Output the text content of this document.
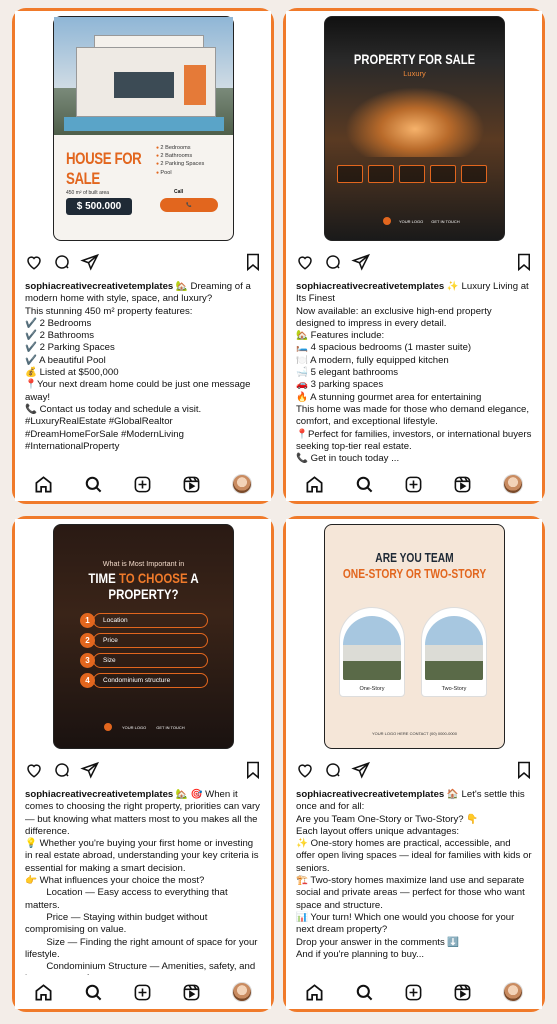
HOUSE FOR SALE
● 2 Bedrooms
● 2 Bathrooms
● 2 Parking Spaces
● Pool
450 m² of built area
$ 500.000
Call
📞

sophiacreativecreativetemplates 🏡 Dreaming of a modern home with style, space, and luxury?

This stunning 450 m² property features:

✔️ 2 Bedrooms

✔️ 2 Bathrooms

✔️ 2 Parking Spaces

✔️ A beautiful Pool

💰 Listed at $500,000

📍Your next dream home could be just one message away!

📞 Contact us today and schedule a visit.

#LuxuryRealEstate #GlobalRealtor #DreamHomeForSale #ModernLiving #InternationalProperty

PROPERTY FOR SALE
Luxury
YOUR LOGO GET IN TOUCH

sophiacreativecreativetemplates ✨ Luxury Living at Its Finest

Now available: an exclusive high-end property designed to impress in every detail.

🏡 Features include:

🛏️ 4 spacious bedrooms (1 master suite)

🍽️ A modern, fully equipped kitchen

🛁 5 elegant bathrooms

🚗 3 parking spaces

🔥 A stunning gourmet area for entertaining

This home was made for those who demand elegance, comfort, and exceptional lifestyle.

📍Perfect for families, investors, or international buyers seeking top-tier real estate.

📞 Get in touch today ...

What is Most Important in
TIME TO CHOOSE A
PROPERTY?
1	Location
2	Price
3	Size
4	Condominium structure
YOUR LOGO	GET IN TOUCH

sophiacreativecreativetemplates 🏡 🎯 When it comes to choosing the right property, priorities can vary — but knowing what matters most to you makes all the difference.

💡 Whether you're buying your first home or investing in real estate abroad, understanding your key criteria is essential for making a smart decision.

👉 What influences your choice the most?

Location — Easy access to everything that matters.

Price — Staying within budget without compromising on value.

Size — Finding the right amount of space for your lifestyle.

Condominium Structure — Amenities, safety, and

ARE YOU TEAM
ONE-STORY OR TWO-STORY
One-Story	Two-Story
YOUR LOGO HERE CONTACT (00) 0000-0000

sophiacreativecreativetemplates 🏠 Let's settle this once and for all:

Are you Team One-Story or Two-Story? 👇

Each layout offers unique advantages:

✨ One-story homes are practical, accessible, and offer open living spaces — ideal for families with kids or seniors.

🏗️ Two-story homes maximize land use and separate social and private areas — perfect for those who want space and structure.

📊 Your turn! Which one would you choose for your next dream property?

Drop your answer in the comments ⬇️

And if you're planning to buy...
